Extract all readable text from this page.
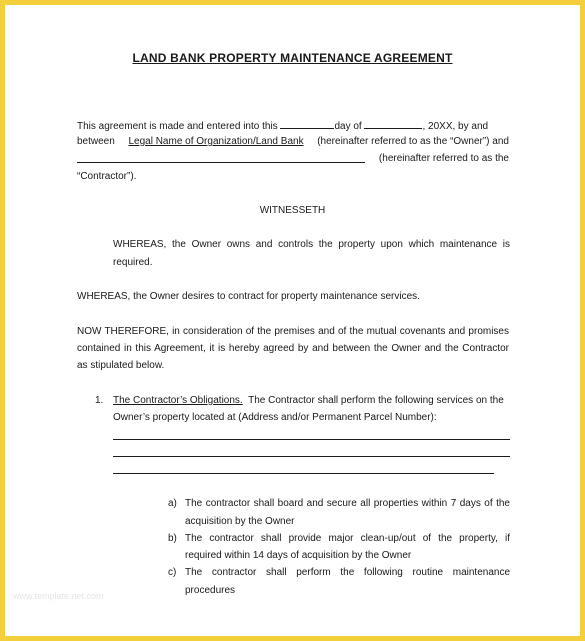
LAND BANK PROPERTY MAINTENANCE AGREEMENT
This agreement is made and entered into this	day of	, 20XX, by and
between Legal Name of Organization/Land Bank (hereinafter referred to as the “Owner”) and
(hereinafter referred to as the
“Contractor”).
WITNESSETH
WHEREAS, the Owner owns and controls the property upon which maintenance is
required.
WHEREAS, the Owner desires to contract for property maintenance services.
NOW THEREFORE, in consideration of the premises and of the mutual covenants and promises
contained in this Agreement, it is hereby agreed by and between the Owner and the Contractor
as stipulated below.
1. The Contractor’s Obligations. The Contractor shall perform the following services on the
Owner’s property located at (Address and/or Permanent Parcel Number):
a) The contractor shall board and secure all properties within 7 days of the
acquisition by the Owner
b) The contractor shall provide major clean-up/out of the property, if
required within 14 days of acquisition by the Owner
c) The contractor shall perform the following routine maintenance
procedures
www.template.net.com
